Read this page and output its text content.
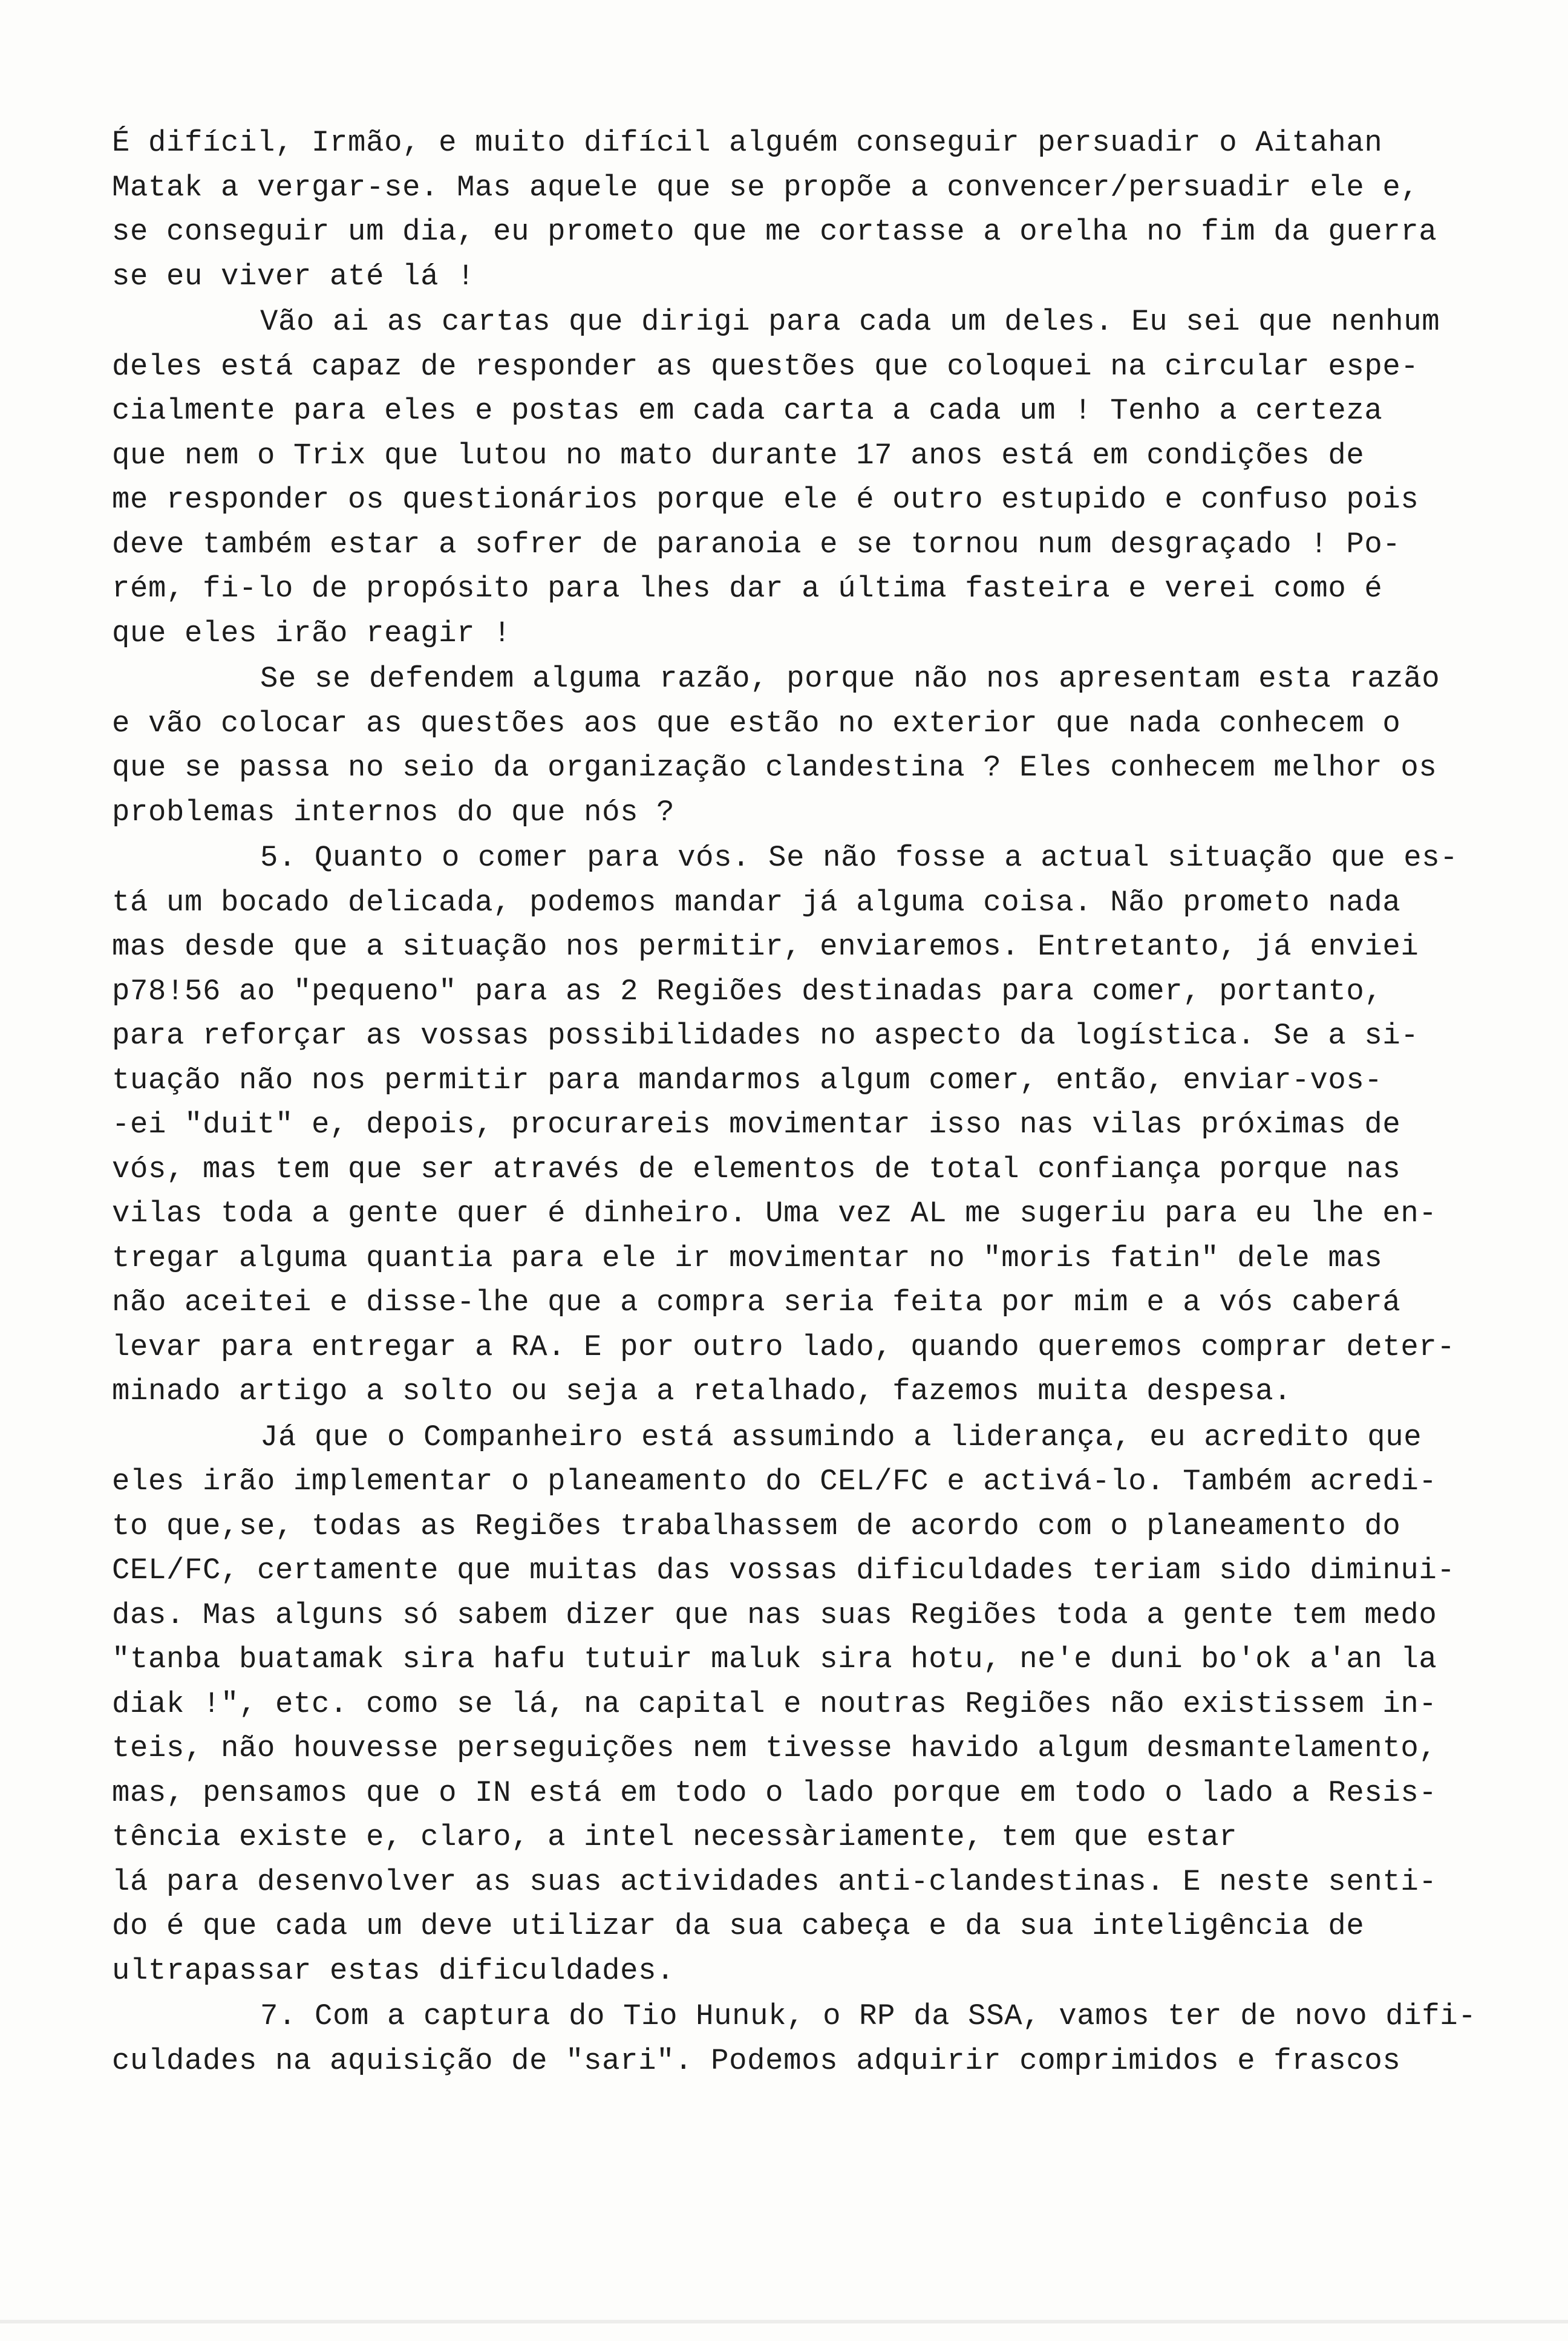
É difícil, Irmão, e muito difícil alguém conseguir persuadir o Aitahan
Matak a vergar-se. Mas aquele que se propõe a convencer/persuadir ele e,
se conseguir um dia, eu prometo que me cortasse a orelha no fim da guerra
se eu viver até lá !
Vão ai as cartas que dirigi para cada um deles. Eu sei que nenhum
deles está capaz de responder as questões que coloquei na circular espe-
cialmente para eles e postas em cada carta a cada um ! Tenho a certeza
que nem o Trix que lutou no mato durante 17 anos está em condições de
me responder os questionários porque ele é outro estupido e confuso pois
deve também estar a sofrer de paranoia e se tornou num desgraçado ! Po-
rém, fi-lo de propósito para lhes dar a última fasteira e verei como é
que eles irão reagir !
Se se defendem alguma razão, porque não nos apresentam esta razão
e vão colocar as questões aos que estão no exterior que nada conhecem o
que se passa no seio da organização clandestina ? Eles conhecem melhor os
problemas internos do que nós ?
5. Quanto o comer para vós. Se não fosse a actual situação que es-
tá um bocado delicada, podemos mandar já alguma coisa. Não prometo nada
mas desde que a situação nos permitir, enviaremos. Entretanto, já enviei
p78!56 ao "pequeno" para as 2 Regiões destinadas para comer, portanto,
para reforçar as vossas possibilidades no aspecto da logística. Se a si-
tuação não nos permitir para mandarmos algum comer, então, enviar-vos-
-ei "duit" e, depois, procurareis movimentar isso nas vilas próximas de
vós, mas tem que ser através de elementos de total confiança porque nas
vilas toda a gente quer é dinheiro. Uma vez AL me sugeriu para eu lhe en-
tregar alguma quantia para ele ir movimentar no "moris fatin" dele mas
não aceitei e disse-lhe que a compra seria feita por mim e a vós caberá
levar para entregar a RA. E por outro lado, quando queremos comprar deter-
minado artigo a solto ou seja a retalhado, fazemos muita despesa.
Já que o Companheiro está assumindo a liderança, eu acredito que
eles irão implementar o planeamento do CEL/FC e activá-lo. Também acredi-
to que,se, todas as Regiões trabalhassem de acordo com o planeamento do
CEL/FC, certamente que muitas das vossas dificuldades teriam sido diminui-
das. Mas alguns só sabem dizer que nas suas Regiões toda a gente tem medo
"tanba buatamak sira hafu tutuir maluk sira hotu, ne'e duni bo'ok a'an la
diak !", etc. como se lá, na capital e noutras Regiões não existissem in-
teis, não houvesse perseguições nem tivesse havido algum desmantelamento,
mas, pensamos que o IN está em todo o lado porque em todo o lado a Resis-
tência existe e, claro, a intel necessàriamente, tem que estar
lá para desenvolver as suas actividades anti-clandestinas. E neste senti-
do é que cada um deve utilizar da sua cabeça e da sua inteligência de
ultrapassar estas dificuldades.
7. Com a captura do Tio Hunuk, o RP da SSA, vamos ter de novo difi-
culdades na aquisição de "sari". Podemos adquirir comprimidos e frascos
